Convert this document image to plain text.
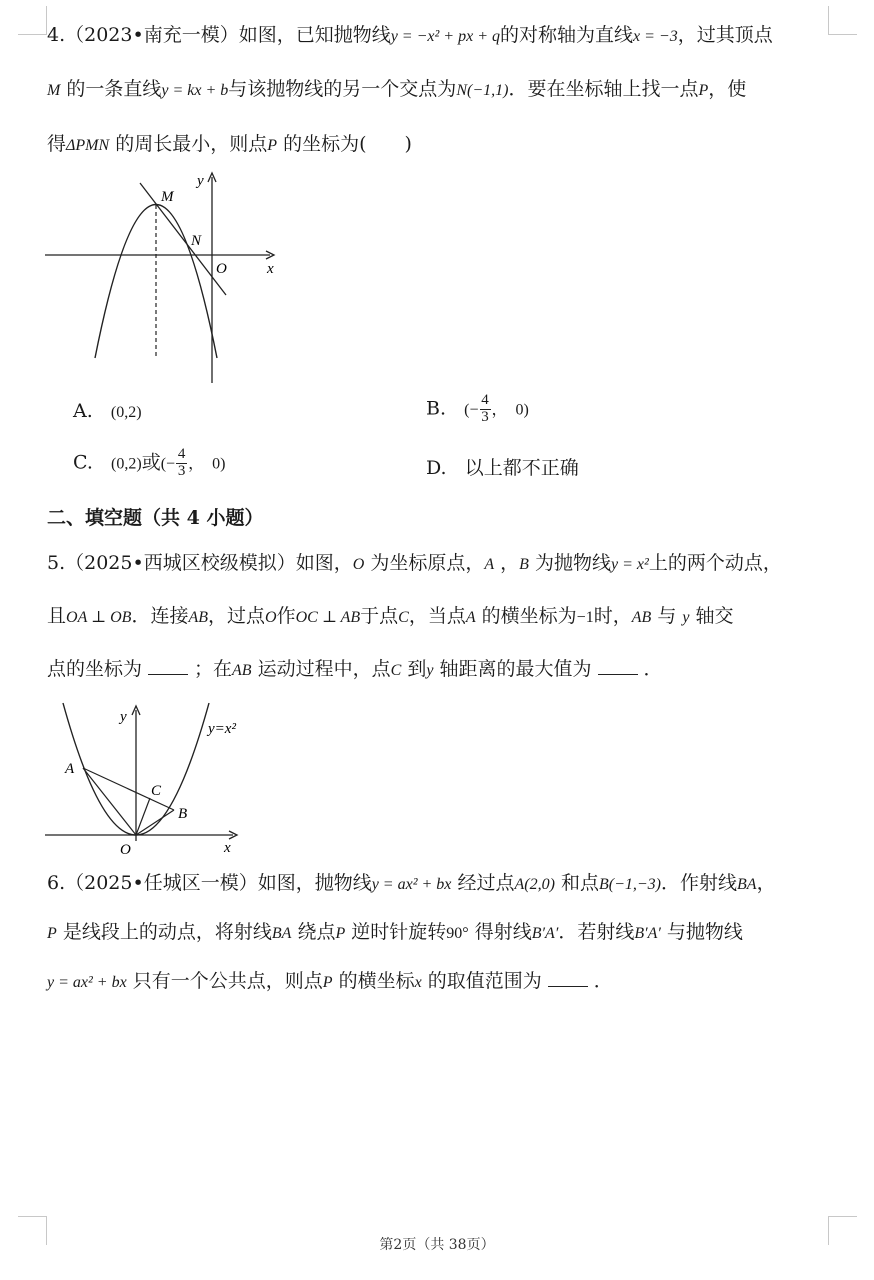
4.（2023•南充一模）如图，已知抛物线y = −x² + px + q的对称轴为直线x = −3，过其顶点
M 的一条直线y = kx + b与该抛物线的另一个交点为N(−1,1)．要在坐标轴上找一点P，使
得ΔPMN 的周长最小，则点P 的坐标为(　　)
M
N
O	x
y
A. (0,2)	B. (− $\frac{4}{3}$ ，　0)
C. (0,2)或(− $\frac{4}{3}$ ，　0)	D. 以上都不正确
二、填空题（共 4 小题）
5.（2025•西城区校级模拟）如图，O 为坐标原点，A ，B 为抛物线y = x²上的两个动点，
且OA ⊥ OB．连接AB，过点O作OC ⊥ AB于点C，当点A 的横坐标为−1时，AB 与 y 轴交
点的坐标为	；在AB 运动过程中，点C 到y 轴距离的最大值为	．
A
B
C
O	x
y
y=x²
6.（2025•任城区一模）如图，抛物线y = ax² + bx 经过点A(2,0) 和点B(−1,−3)．作射线BA，
P 是线段上的动点，将射线BA 绕点P 逆时针旋转90° 得射线B′A′．若射线B′A′ 与抛物线
y = ax² + bx 只有一个公共点，则点P 的横坐标x 的取值范围为	．
第2页（共 38页）
